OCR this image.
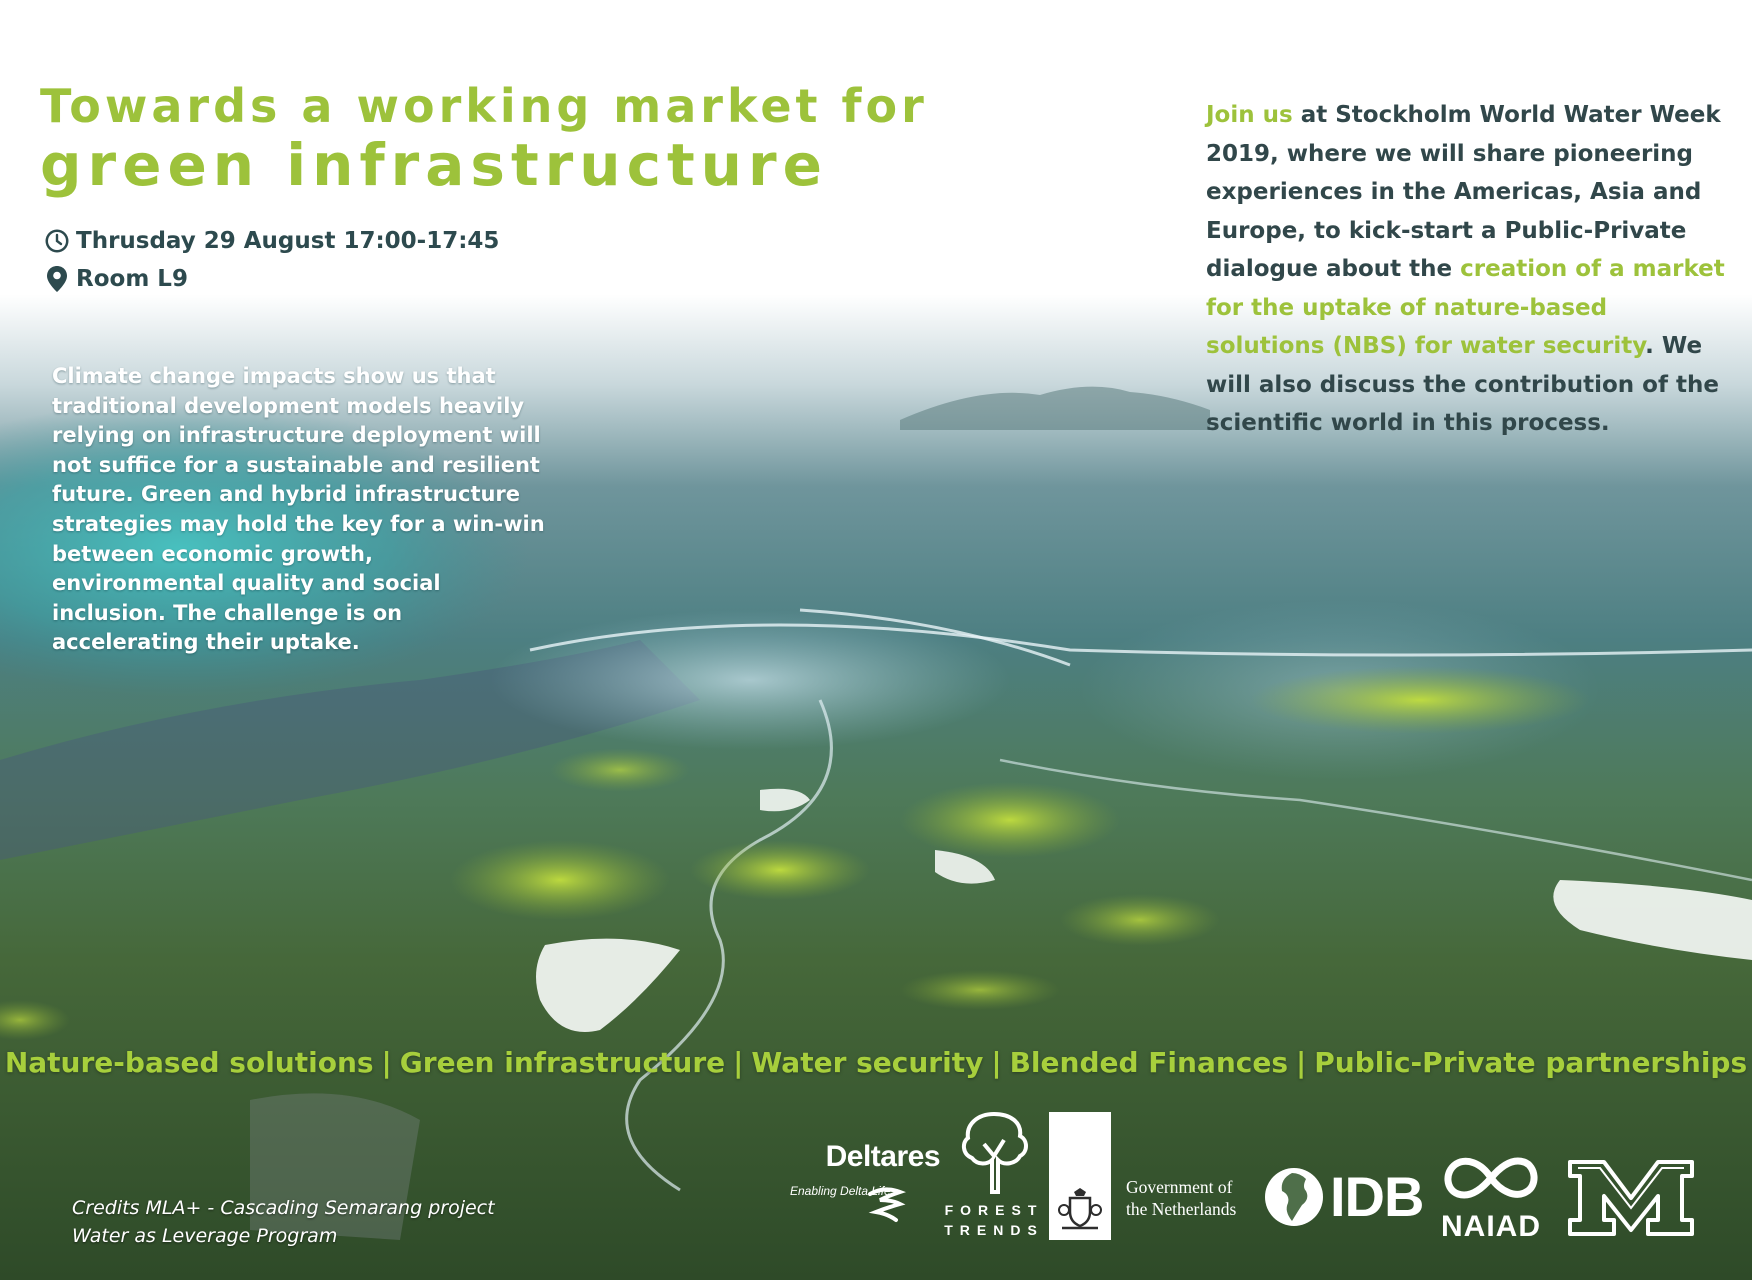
Towards a working market for
green infrastructure
Thrusday 29 August 17:00-17:45
Room L9
Join us at Stockholm World Water Week 2019, where we will share pioneering experiences in the Americas, Asia and Europe, to kick-start a Public-Private dialogue about the creation of a market for the uptake of nature-based solutions (NBS) for water security. We will also discuss the contribution of the scientific world in this process.
Climate change impacts show us that traditional development models heavily relying on infrastructure deployment will not suffice for a sustainable and resilient future. Green and hybrid infrastructure strategies may hold the key for a win-win between economic growth, environmental quality and social inclusion. The challenge is on accelerating their uptake.
Nature-based solutions | Green infrastructure | Water security | Blended Finances | Public-Private partnerships
Credits MLA+ - Cascading Semarang project
Water as Leverage Program
Deltares
Enabling Delta Life
FOREST
TRENDS
Government of
the Netherlands IDB NAIAD
